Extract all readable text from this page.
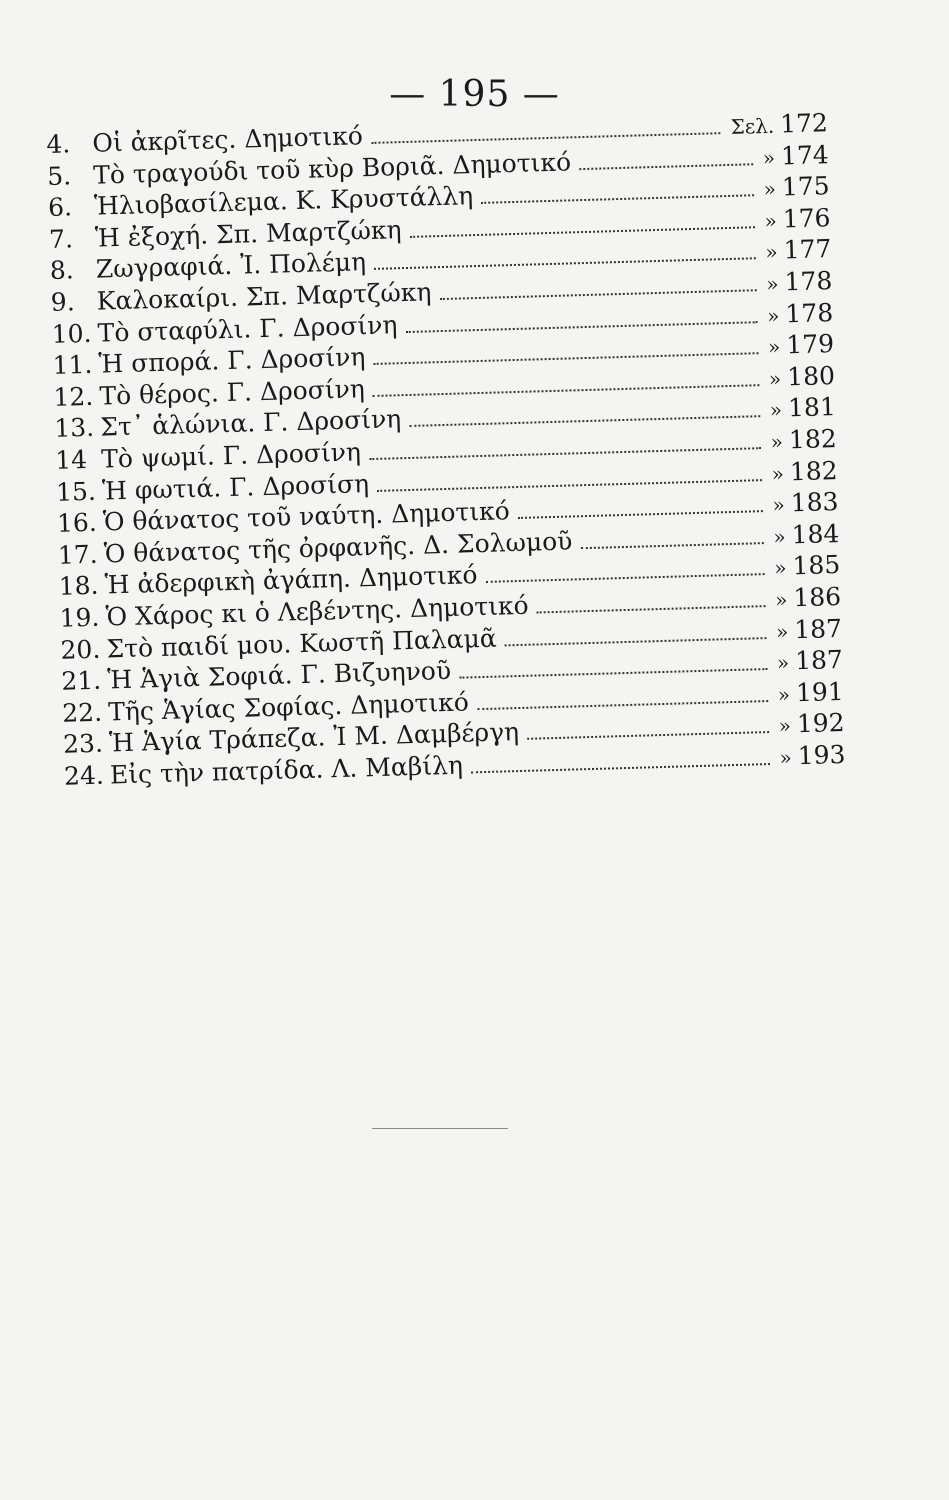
— 195 —
4. Οἱ ἀκρῖτες. Δημοτικό	Σελ. 172
5. Τὸ τραγούδι τοῦ κὺρ Βοριᾶ. Δημοτικό	» 174
6. Ἡλιοβασίλεμα. Κ. Κρυστάλλη	» 175
7. Ἡ ἐξοχή. Σπ. Μαρτζώκη	» 176
8. Ζωγραφιά. Ἰ. Πολέμη	» 177
9. Καλοκαίρι. Σπ. Μαρτζώκη	» 178
10. Τὸ σταφύλι. Γ. Δροσίνη	» 178
11. Ἡ σπορά. Γ. Δροσίνη	» 179
12. Τὸ θέρος. Γ. Δροσίνη	» 180
13. Στ᾽ ἁλώνια. Γ. Δροσίνη	» 181
14 Τὸ ψωμί. Γ. Δροσίνη	» 182
15. Ἡ φωτιά. Γ. Δροσίση	» 182
16. Ὁ θάνατος τοῦ ναύτη. Δημοτικό	» 183
17. Ὁ θάνατος τῆς ὀρφανῆς. Δ. Σολωμοῦ	» 184
18. Ἡ ἀδερφικὴ ἀγάπη. Δημοτικό	» 185
19. Ὁ Χάρος κι ὁ Λεβέντης. Δημοτικό	» 186
20. Στὸ παιδί μου. Κωστῆ Παλαμᾶ	» 187
21. Ἡ Ἁγιὰ Σοφιά. Γ. Βιζυηνοῦ	» 187
22. Τῆς Ἁγίας Σοφίας. Δημοτικό	» 191
23. Ἡ Ἁγία Τράπεζα. Ἰ Μ. Δαμβέργη	» 192
24. Εἰς τὴν πατρίδα. Λ. Μαβίλη	» 193
